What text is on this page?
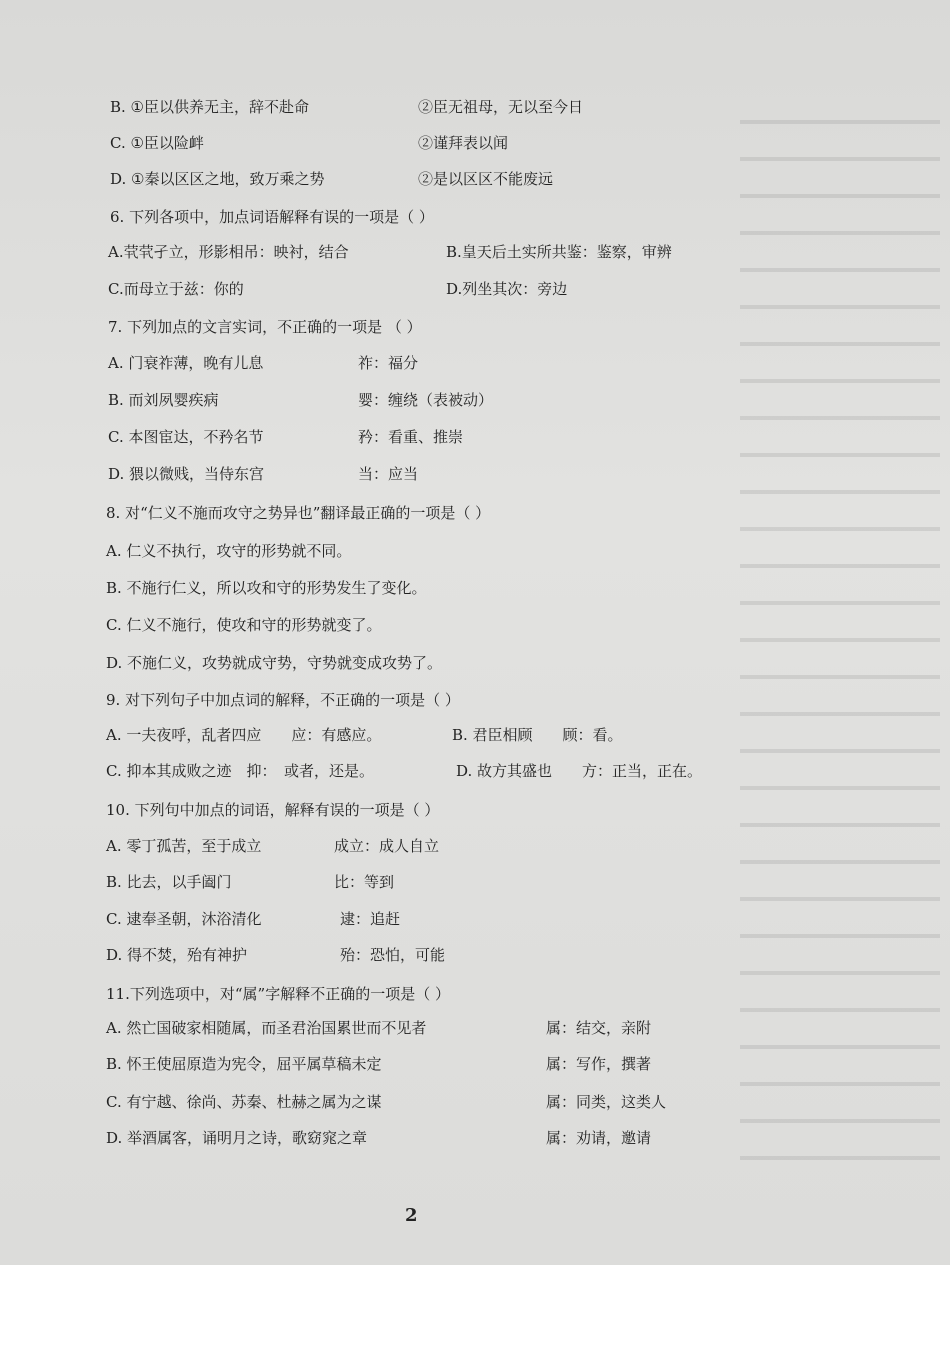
B. ①臣以供养无主，辞不赴命	②臣无祖母，无以至今日
C. ①臣以险衅	②谨拜表以闻
D. ①秦以区区之地，致万乘之势	②是以区区不能废远
6. 下列各项中，加点词语解释有误的一项是（ ）
A.茕茕孑立，形影相吊：映衬，结合	B.皇天后土实所共鉴：鉴察，审辨
C.而母立于兹：你的	D.列坐其次：旁边
7. 下列加点的文言实词，不正确的一项是 （ ）
A. 门衰祚薄，晚有儿息	祚：福分
B. 而刘夙婴疾病	婴：缠绕（表被动）
C. 本图宦达，不矜名节	矜：看重、推崇
D. 猥以微贱，当侍东宫	当：应当
8. 对“仁义不施而攻守之势异也”翻译最正确的一项是（ ）
A. 仁义不执行，攻守的形势就不同。
B. 不施行仁义，所以攻和守的形势发生了变化。
C. 仁义不施行，使攻和守的形势就变了。
D. 不施仁义，攻势就成守势，守势就变成攻势了。
9. 对下列句子中加点词的解释，不正确的一项是（ ）
A. 一夫夜呼，乱者四应　　应：有感应。	B. 君臣相顾　　顾：看。
C. 抑本其成败之迹　抑：　或者，还是。	D. 故方其盛也　　方：正当，正在。
10. 下列句中加点的词语，解释有误的一项是（ ）
A. 零丁孤苦，至于成立	成立：成人自立
B. 比去，以手阖门	比：等到
C. 逮奉圣朝，沐浴清化	逮：追赶
D. 得不焚，殆有神护	殆：恐怕，可能
11.下列选项中，对“属”字解释不正确的一项是（ ）
A. 然亡国破家相随属，而圣君治国累世而不见者	属：结交，亲附
B. 怀王使屈原造为宪令，屈平属草稿未定	属：写作，撰著
C. 有宁越、徐尚、苏秦、杜赫之属为之谋	属：同类，这类人
D. 举酒属客，诵明月之诗，歌窈窕之章	属：劝请，邀请
2
